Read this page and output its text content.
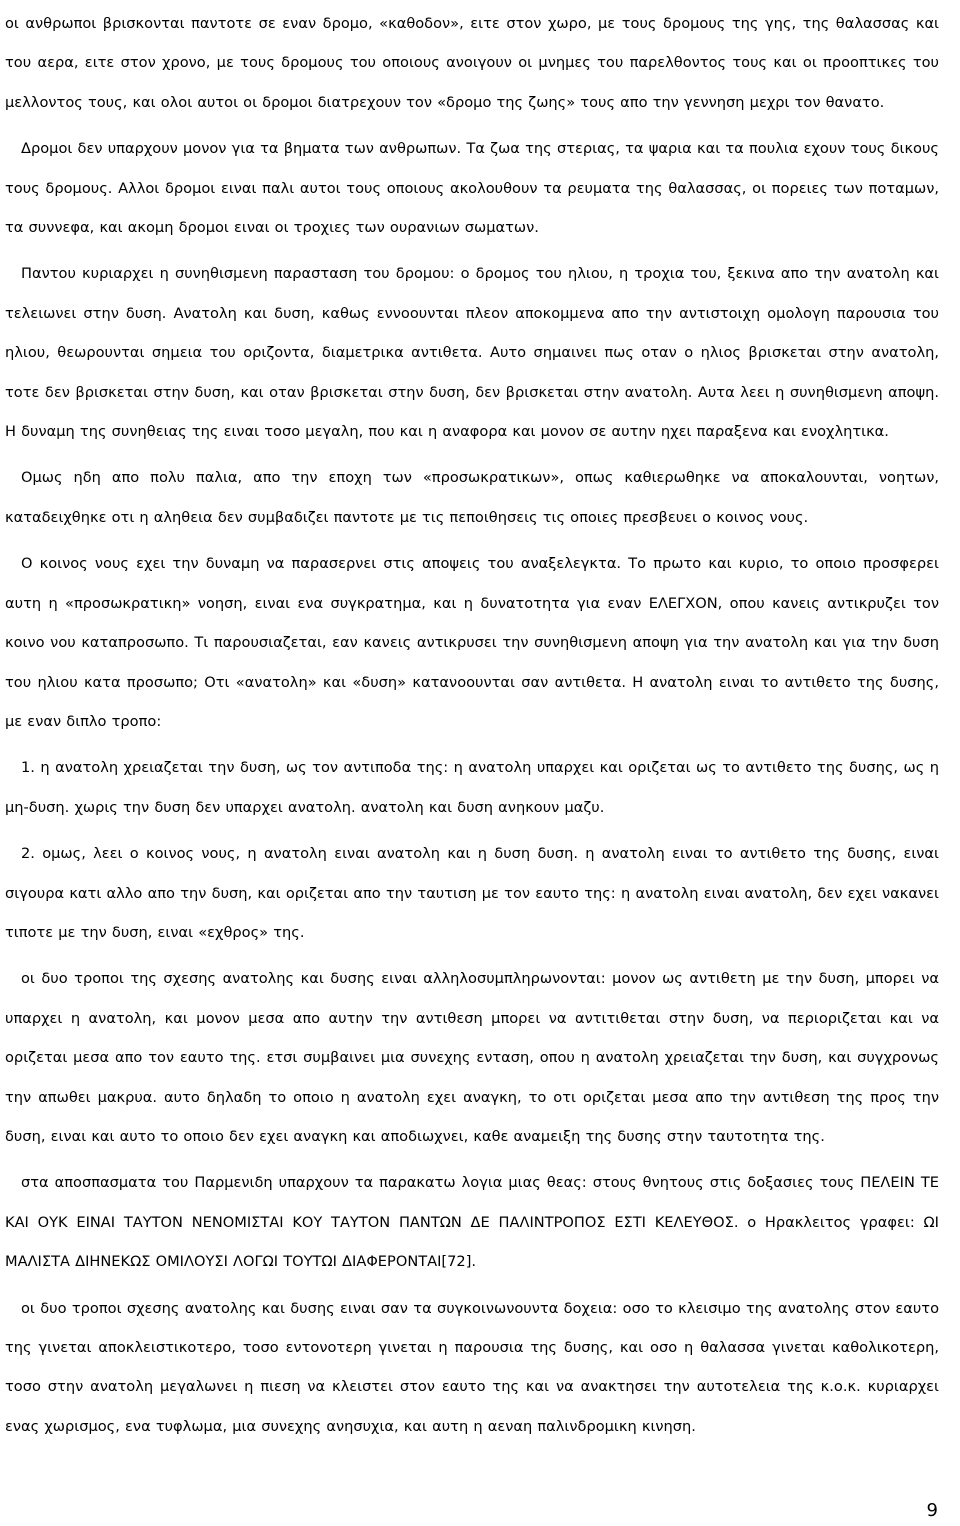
οι ανθρωποι βρισκονται παντοτε σε εναν δρομο, «καθοδον», ειτε στον χωρο, με τους δρομους της γης, της θαλασσας και του αερα, ειτε στον χρονο, με τους δρομους του οποιους ανοιγουν οι μνημες του παρελθοντος τους και οι προοπτικες του μελλοντος τους, και ολοι αυτοι οι δρομοι διατρεχουν τον «δρομο της ζωης» τους απο την γεννηση μεχρι τον θανατο.

Δρομοι δεν υπαρχουν μονον για τα βηματα των ανθρωπων. Τα ζωα της στεριας, τα ψαρια και τα πουλια εχουν τους δικους τους δρομους. Αλλοι δρομοι ειναι παλι αυτοι τους οποιους ακολουθουν τα ρευματα της θαλασσας, οι πορειες των ποταμων, τα συννεφα, και ακομη δρομοι ειναι οι τροχιες των ουρανιων σωματων.

Παντου κυριαρχει η συνηθισμενη παρασταση του δρομου: ο δρομος του ηλιου, η τροχια του, ξεκινα απο την ανατολη και τελειωνει στην δυση. Ανατολη και δυση, καθως εννοουνται πλεον αποκομμενα απο την αντιστοιχη ομολογη παρουσια του ηλιου, θεωρουνται σημεια του οριζοντα, διαμετρικα αντιθετα. Αυτο σημαινει πως οταν ο ηλιος βρισκεται στην ανατολη, τοτε δεν βρισκεται στην δυση, και οταν βρισκεται στην δυση, δεν βρισκεται στην ανατολη. Αυτα λεει η συνηθισμενη αποψη. Η δυναμη της συνηθειας της ειναι τοσο μεγαλη, που και η αναφορα και μονον σε αυτην ηχει παραξενα και ενοχλητικα.

Ομως ηδη απο πολυ παλια, απο την εποχη των «προσωκρατικων», οπως καθιερωθηκε να αποκαλουνται, νοητων, καταδειχθηκε οτι η αληθεια δεν συμβαδιζει παντοτε με τις πεποιθησεις τις οποιες πρεσβευει ο κοινος νους.

Ο κοινος νους εχει την δυναμη να παρασερνει στις αποψεις του αναξελεγκτα. Το πρωτο και κυριο, το οποιο προσφερει αυτη η «προσωκρατικη» νοηση, ειναι ενα συγκρατημα, και η δυνατοτητα για εναν ΕΛΕΓΧΟΝ, οπου κανεις αντικρυζει τον κοινο νου καταπροσωπο. Τι παρουσιαζεται, εαν κανεις αντικρυσει την συνηθισμενη αποψη για την ανατολη και για την δυση του ηλιου κατα προσωπο; Οτι «ανατολη» και «δυση» κατανοουνται σαν αντιθετα. Η ανατολη ειναι το αντιθετο της δυσης, με εναν διπλο τροπο:

1. η ανατολη χρειαζεται την δυση, ως τον αντιποδα της: η ανατολη υπαρχει και οριζεται ως το αντιθετο της δυσης, ως η μη-δυση. χωρις την δυση δεν υπαρχει ανατολη. ανατολη και δυση ανηκουν μαζυ.

2. ομως, λεει ο κοινος νους, η ανατολη ειναι ανατολη και η δυση δυση. η ανατολη ειναι το αντιθετο της δυσης, ειναι σιγουρα κατι αλλο απο την δυση, και οριζεται απο την ταυτιση με τον εαυτο της: η ανατολη ειναι ανατολη, δεν εχει νακανει τιποτε με την δυση, ειναι «εχθρος» της.

οι δυο τροποι της σχεσης ανατολης και δυσης ειναι αλληλοσυμπληρωνονται: μονον ως αντιθετη με την δυση, μπορει να υπαρχει η ανατολη, και μονον μεσα απο αυτην την αντιθεση μπορει να αντιτιθεται στην δυση, να περιοριζεται και να οριζεται μεσα απο τον εαυτο της. ετσι συμβαινει μια συνεχης ενταση, οπου η ανατολη χρειαζεται την δυση, και συγχρονως την απωθει μακρυα. αυτο δηλαδη το οποιο η ανατολη εχει αναγκη, το οτι οριζεται μεσα απο την αντιθεση της προς την δυση, ειναι και αυτο το οποιο δεν εχει αναγκη και αποδιωχνει, καθε αναμειξη της δυσης στην ταυτοτητα της.

στα αποσπασματα του Παρμενιδη υπαρχουν τα παρακατω λογια μιας θεας: στους θνητους στις δοξασιες τους ΠΕΛΕΙΝ ΤΕ ΚΑΙ ΟΥΚ ΕΙΝΑΙ ΤΑΥΤΟΝ ΝΕΝΟΜΙΣΤΑΙ ΚΟΥ ΤΑΥΤΟΝ ΠΑΝΤΩΝ ΔΕ ΠΑΛΙΝΤΡΟΠΟΣ ΕΣΤΙ ΚΕΛΕΥΘΟΣ. ο Ηρακλειτος γραφει: ΩΙ ΜΑΛΙΣΤΑ ΔΙΗΝΕΚΩΣ ΟΜΙΛΟΥΣΙ ΛΟΓΩΙ ΤΟΥΤΩΙ ΔΙΑΦΕΡΟΝΤΑΙ[72].

οι δυο τροποι σχεσης ανατολης και δυσης ειναι σαν τα συγκοινωνουντα δοχεια: οσο το κλεισιμο της ανατολης στον εαυτο της γινεται αποκλειστικοτερο, τοσο εντονοτερη γινεται η παρουσια της δυσης, και οσο η θαλασσα γινεται καθολικοτερη, τοσο στην ανατολη μεγαλωνει η πιεση να κλειστει στον εαυτο της και να ανακτησει την αυτοτελεια της κ.ο.κ. κυριαρχει ενας χωρισμος, ενα τυφλωμα, μια συνεχης ανησυχια, και αυτη η αεναη παλινδρομικη κινηση.

9
